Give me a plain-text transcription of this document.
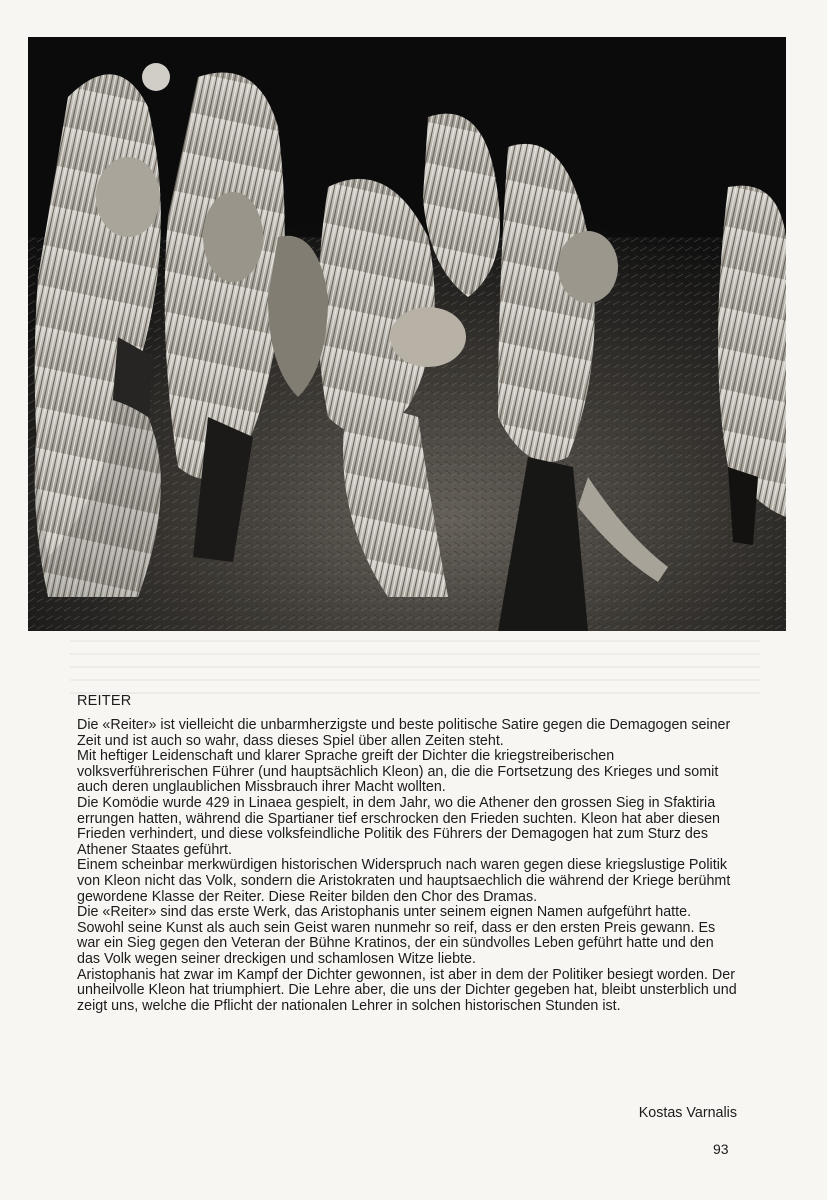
REITER

Die «Reiter» ist vielleicht die unbarmherzigste und beste politische Satire gegen die Demagogen seiner Zeit und ist auch so wahr, dass dieses Spiel über allen Zeiten steht.

Mit heftiger Leidenschaft und klarer Sprache greift der Dichter die kriegstreiberischen volksverführerischen Führer (und hauptsächlich Kleon) an, die die Fortsetzung des Krieges und somit auch deren unglaublichen Missbrauch ihrer Macht wollten.

Die Komödie wurde 429 in Linaea gespielt, in dem Jahr, wo die Athener den grossen Sieg in Sfaktiria errungen hatten, während die Spartianer tief erschrocken den Frieden suchten. Kleon hat aber diesen Frieden verhindert, und diese volksfeindliche Politik des Führers der Demagogen hat zum Sturz des Athener Staates geführt.

Einem scheinbar merkwürdigen historischen Widerspruch nach waren gegen diese kriegslustige Politik von Kleon nicht das Volk, sondern die Aristokraten und hauptsaechlich die während der Kriege berühmt gewordene Klasse der Reiter. Diese Reiter bilden den Chor des Dramas.

Die «Reiter» sind das erste Werk, das Aristophanis unter seinem eignen Namen aufgeführt hatte. Sowohl seine Kunst als auch sein Geist waren nunmehr so reif, dass er den ersten Preis gewann. Es war ein Sieg gegen den Veteran der Bühne Kratinos, der ein sündvolles Leben geführt hatte und den das Volk wegen seiner dreckigen und schamlosen Witze liebte.

Aristophanis hat zwar im Kampf der Dichter gewonnen, ist aber in dem der Politiker besiegt worden. Der unheilvolle Kleon hat triumphiert. Die Lehre aber, die uns der Dichter gegeben hat, bleibt unsterblich und zeigt uns, welche die Pflicht der nationalen Lehrer in solchen historischen Stunden ist.

Kostas Varnalis
93
